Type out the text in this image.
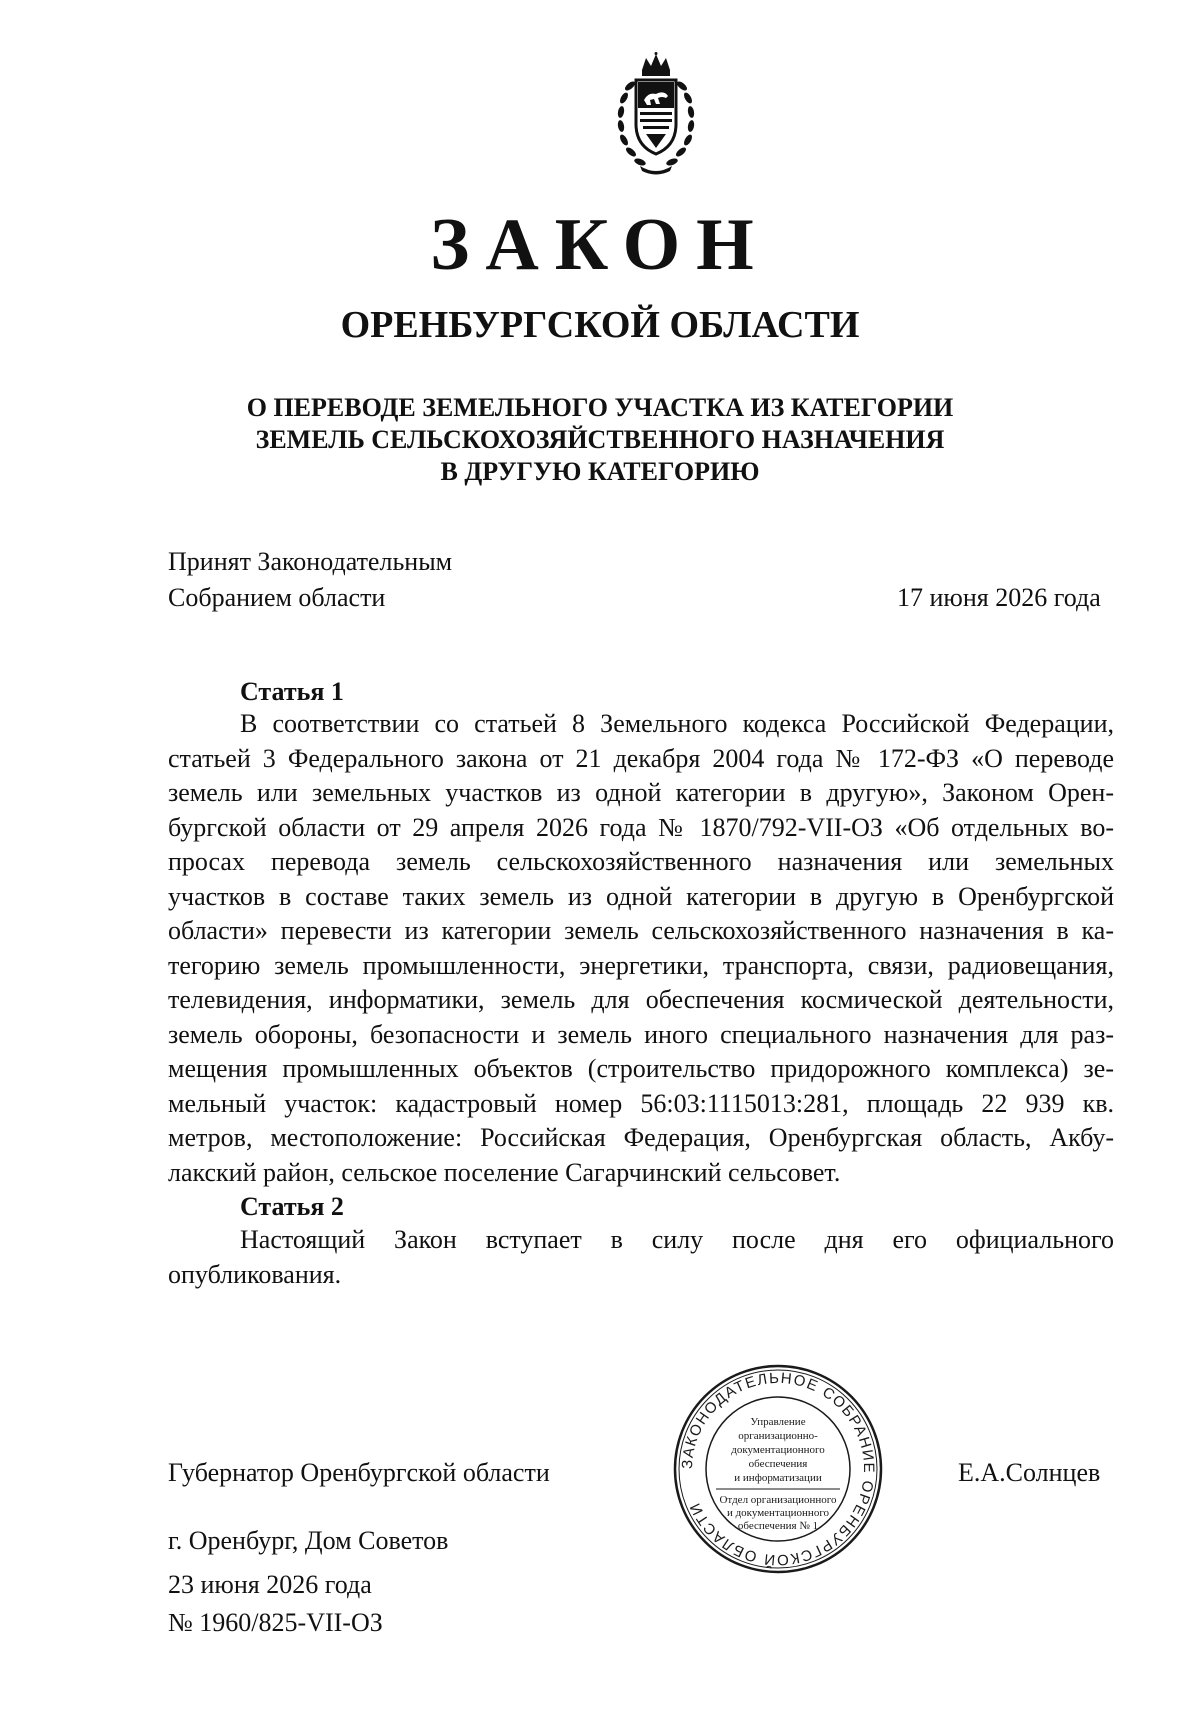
ЗАКОН
ОРЕНБУРГСКОЙ ОБЛАСТИ
О ПЕРЕВОДЕ ЗЕМЕЛЬНОГО УЧАСТКА ИЗ КАТЕГОРИИ
ЗЕМЕЛЬ СЕЛЬСКОХОЗЯЙСТВЕННОГО НАЗНАЧЕНИЯ
В ДРУГУЮ КАТЕГОРИЮ
Принят Законодательным
Собранием области	17 июня 2026 года
Статья 1
В соответствии со статьей 8 Земельного кодекса Российской Федерации,
статьей 3 Федерального закона от 21 декабря 2004 года № 172-ФЗ «О переводе
земель или земельных участков из одной категории в другую», Законом Орен-
бургской области от 29 апреля 2026 года № 1870/792-VII-ОЗ «Об отдельных во-
просах перевода земель сельскохозяйственного назначения или земельных
участков в составе таких земель из одной категории в другую в Оренбургской
области» перевести из категории земель сельскохозяйственного назначения в ка-
тегорию земель промышленности, энергетики, транспорта, связи, радиовещания,
телевидения, информатики, земель для обеспечения космической деятельности,
земель обороны, безопасности и земель иного специального назначения для раз-
мещения промышленных объектов (строительство придорожного комплекса) зе-
мельный участок: кадастровый номер 56:03:1115013:281, площадь 22 939 кв.
метров, местоположение: Российская Федерация, Оренбургская область, Акбу-
лакский район, сельское поселение Сагарчинский сельсовет.
Статья 2
Настоящий Закон вступает в силу после дня его официального
опубликования.
Губернатор Оренбургской области	Е.А.Солнцев
г. Оренбург, Дом Советов
23 июня 2026 года
№ 1960/825-VII-ОЗ
ЗАКОНОДАТЕЛЬНОЕ СОБРАНИЕ ОРЕНБУРГСКОЙ ОБЛАСТИ
Управление
организационно-
документационного
обеспечения
и информатизации
Отдел организационного
и документационного
обеспечения № 1
